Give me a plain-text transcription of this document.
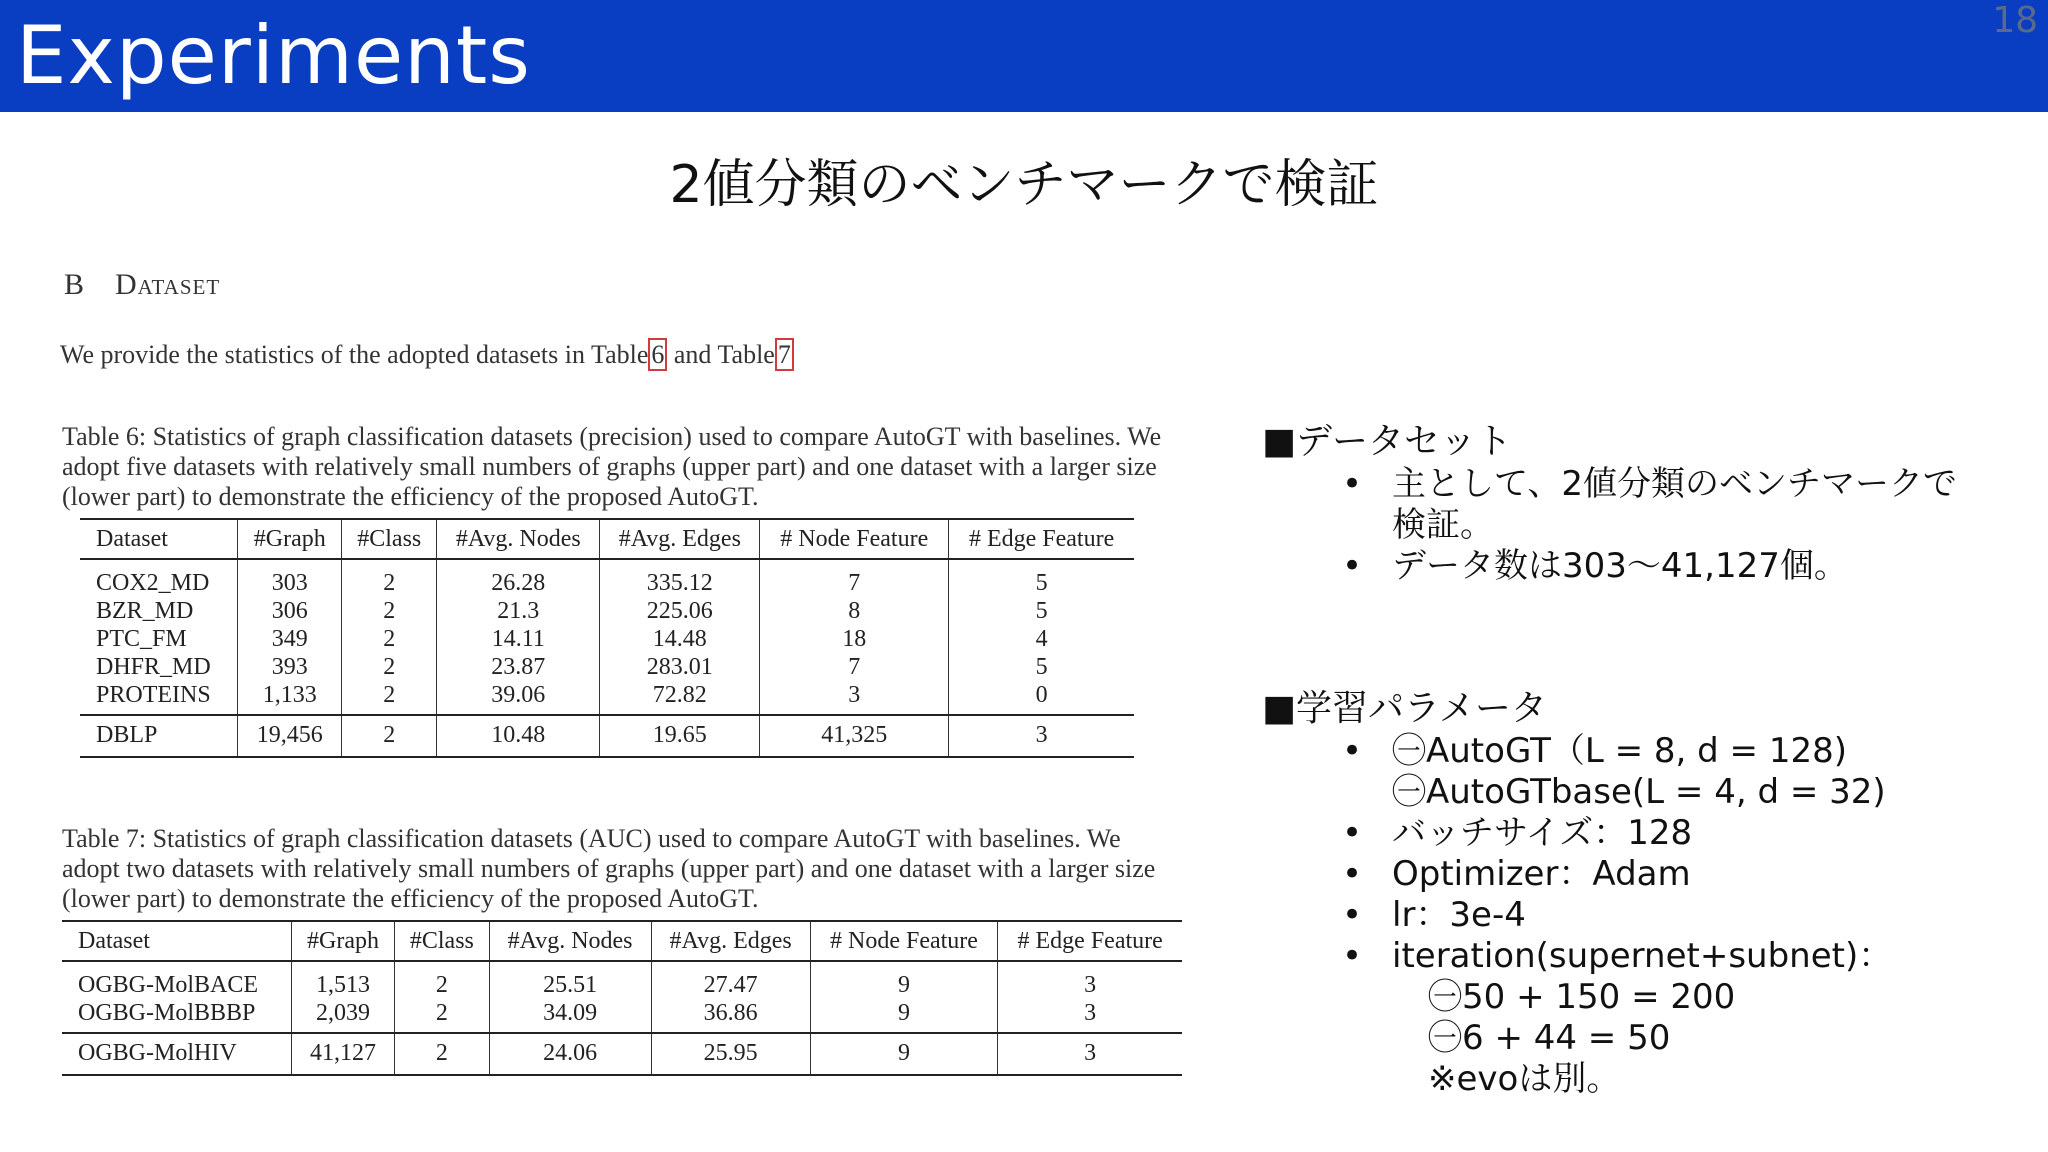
Experiments	18
2値分類のベンチマークで検証
B Dataset
We provide the statistics of the adopted datasets in Table 6 and Table 7
Table 6: Statistics of graph classification datasets (precision) used to compare AutoGT with baselines. We adopt five datasets with relatively small numbers of graphs (upper part) and one dataset with a larger size (lower part) to demonstrate the efficiency of the proposed AutoGT.
Dataset	#Graph	#Class	#Avg. Nodes	#Avg. Edges	# Node Feature	# Edge Feature
COX2_MD	303	2	26.28	335.12	7	5
BZR_MD	306	2	21.3	225.06	8	5
PTC_FM	349	2	14.11	14.48	18	4
DHFR_MD	393	2	23.87	283.01	7	5
PROTEINS	1,133	2	39.06	72.82	3	0
DBLP	19,456	2	10.48	19.65	41,325	3
Table 7: Statistics of graph classification datasets (AUC) used to compare AutoGT with baselines. We adopt two datasets with relatively small numbers of graphs (upper part) and one dataset with a larger size (lower part) to demonstrate the efficiency of the proposed AutoGT.
Dataset	#Graph	#Class	#Avg. Nodes	#Avg. Edges	# Node Feature	# Edge Feature
OGBG-MolBACE	1,513	2	25.51	27.47	9	3
OGBG-MolBBBP	2,039	2	34.09	36.86	9	3
OGBG-MolHIV	41,127	2	24.06	25.95	9	3
■データセット
• 主として、2値分類のベンチマークで
検証。
• データ数は303〜41,127個。
■学習パラメータ
• ㊀AutoGT（L = 8, d = 128)
㊀AutoGTbase(L = 4, d = 32)
• バッチサイズ：128
• Optimizer：Adam
• lr：3e-4
• iteration(supernet+subnet)：
㊀50 + 150 = 200
㊀6 + 44 = 50
※evoは別。
